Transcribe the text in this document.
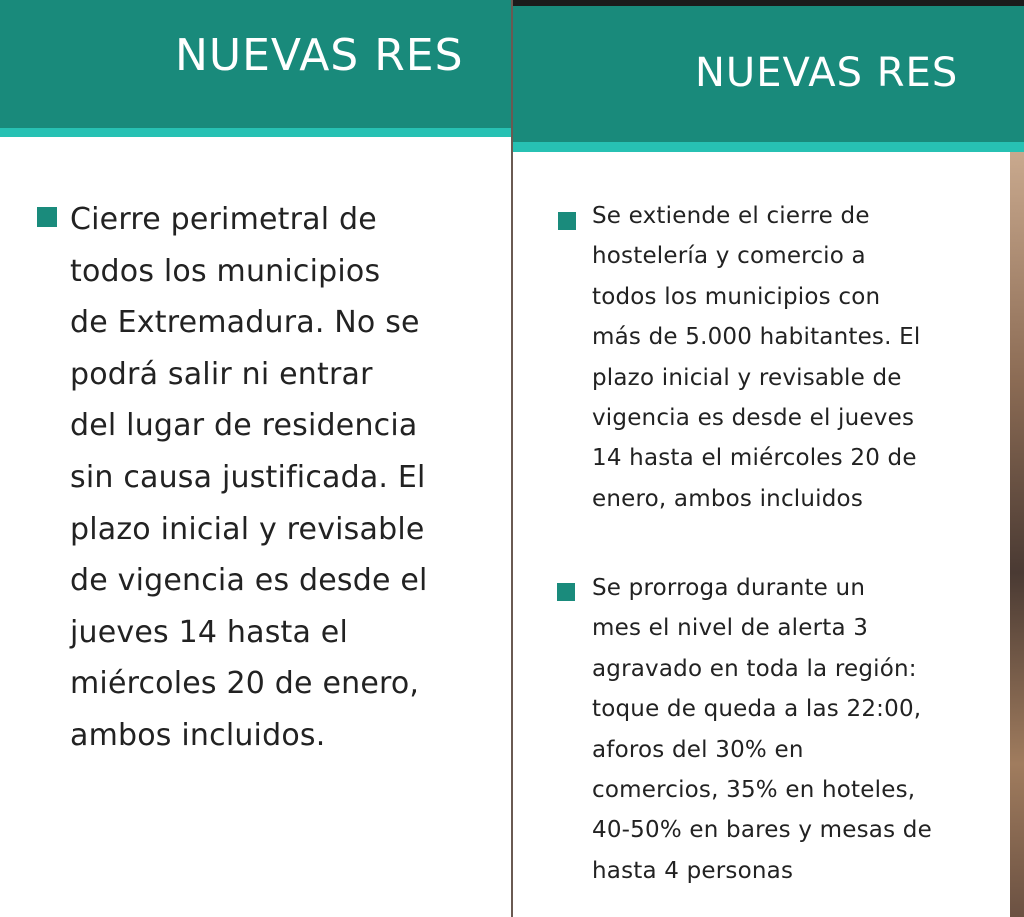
NUEVAS RES
Cierre perimetral de
todos los municipios
de Extremadura. No se
podrá salir ni entrar
del lugar de residencia
sin causa justificada. El
plazo inicial y revisable
de vigencia es desde el
jueves 14 hasta el
miércoles 20 de enero,
ambos incluidos.
NUEVAS RES
Se extiende el cierre de
hostelería y comercio a
todos los municipios con
más de 5.000 habitantes. El
plazo inicial y revisable de
vigencia es desde el jueves
14 hasta el miércoles 20 de
enero, ambos incluidos
Se prorroga durante un
mes el nivel de alerta 3
agravado en toda la región:
toque de queda a las 22:00,
aforos del 30% en
comercios, 35% en hoteles,
40-50% en bares y mesas de
hasta 4 personas
